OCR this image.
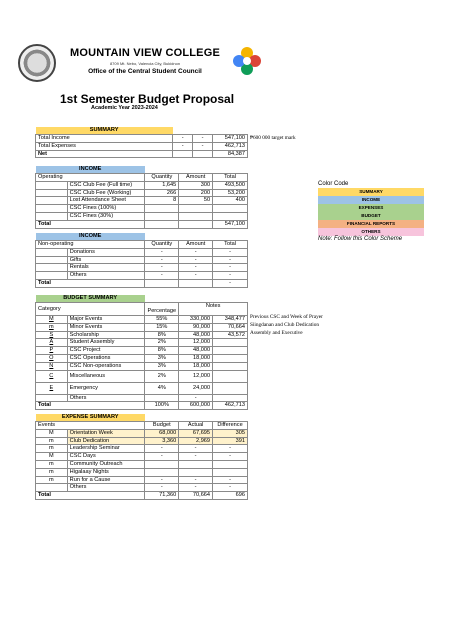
MOUNTAIN VIEW COLLEGE
8709 Mt. Nebo, Valencia City, Bukidnon
Office of the Central Student Council
1st Semester Budget Proposal
Academic Year 2023-2024
SUMMARY			
Total Income	-	-	547,100
Total Expenses	-	-	462,713
Net			84,387
₱600 000 target mark
INCOME				
Operating		Quantity	Amount	Total
	CSC Club Fee (Full time)	1,645	300	493,500
	CSC Club Fee (Working)	266	200	53,200
	Lost Attendance Sheet	8	50	400
	CSC Fines (100%)			
	CSC Fines (30%)			
Total				547,100
Color Code
SUMMARY
INCOME
EXPENSES
BUDGET
FINANCIAL REPORTS
OTHERS
Note: Follow this Color Scheme
INCOME				
Non-operating		Quantity	Amount	Total
	Donations	-	-	-
	Gifts	-	-	-
	Rentals	-	-	-
	Others	-	-	-
Total				-
BUDGET SUMMARY				
Category		Percentage	Notes	
M	Major Events	55%	330,000	348,477
m	Minor Events	15%	90,000	70,664
S	Scholarship	8%	48,000	43,572
A	Student Assembly	2%	12,000	
P	CSC Project	8%	48,000	
O	CSC Operations	3%	18,000	
N	CSC Non-operations	3%	18,000	
C	Miscellaneous	2%	12,000	
E	Emergency	4%	24,000	
	Others		-	
Total		100%	600,000	462,713
Previous CSC and Week of Prayer
Siingdanan and Club Dedication
Assembly and Executive
EXPENSE SUMMARY				
Events		Budget	Actual	Difference
M	Orientation Week	68,000	67,695	305
m	Club Dedication	3,360	2,969	391
m	Leadership Seminar	-	-	-
M	CSC Days	-	-	-
m	Community Outreach			
m	Higalaay Nights			
m	Run for a Cause	-	-	-
	Others	-	-	-
Total		71,360	70,664	696
